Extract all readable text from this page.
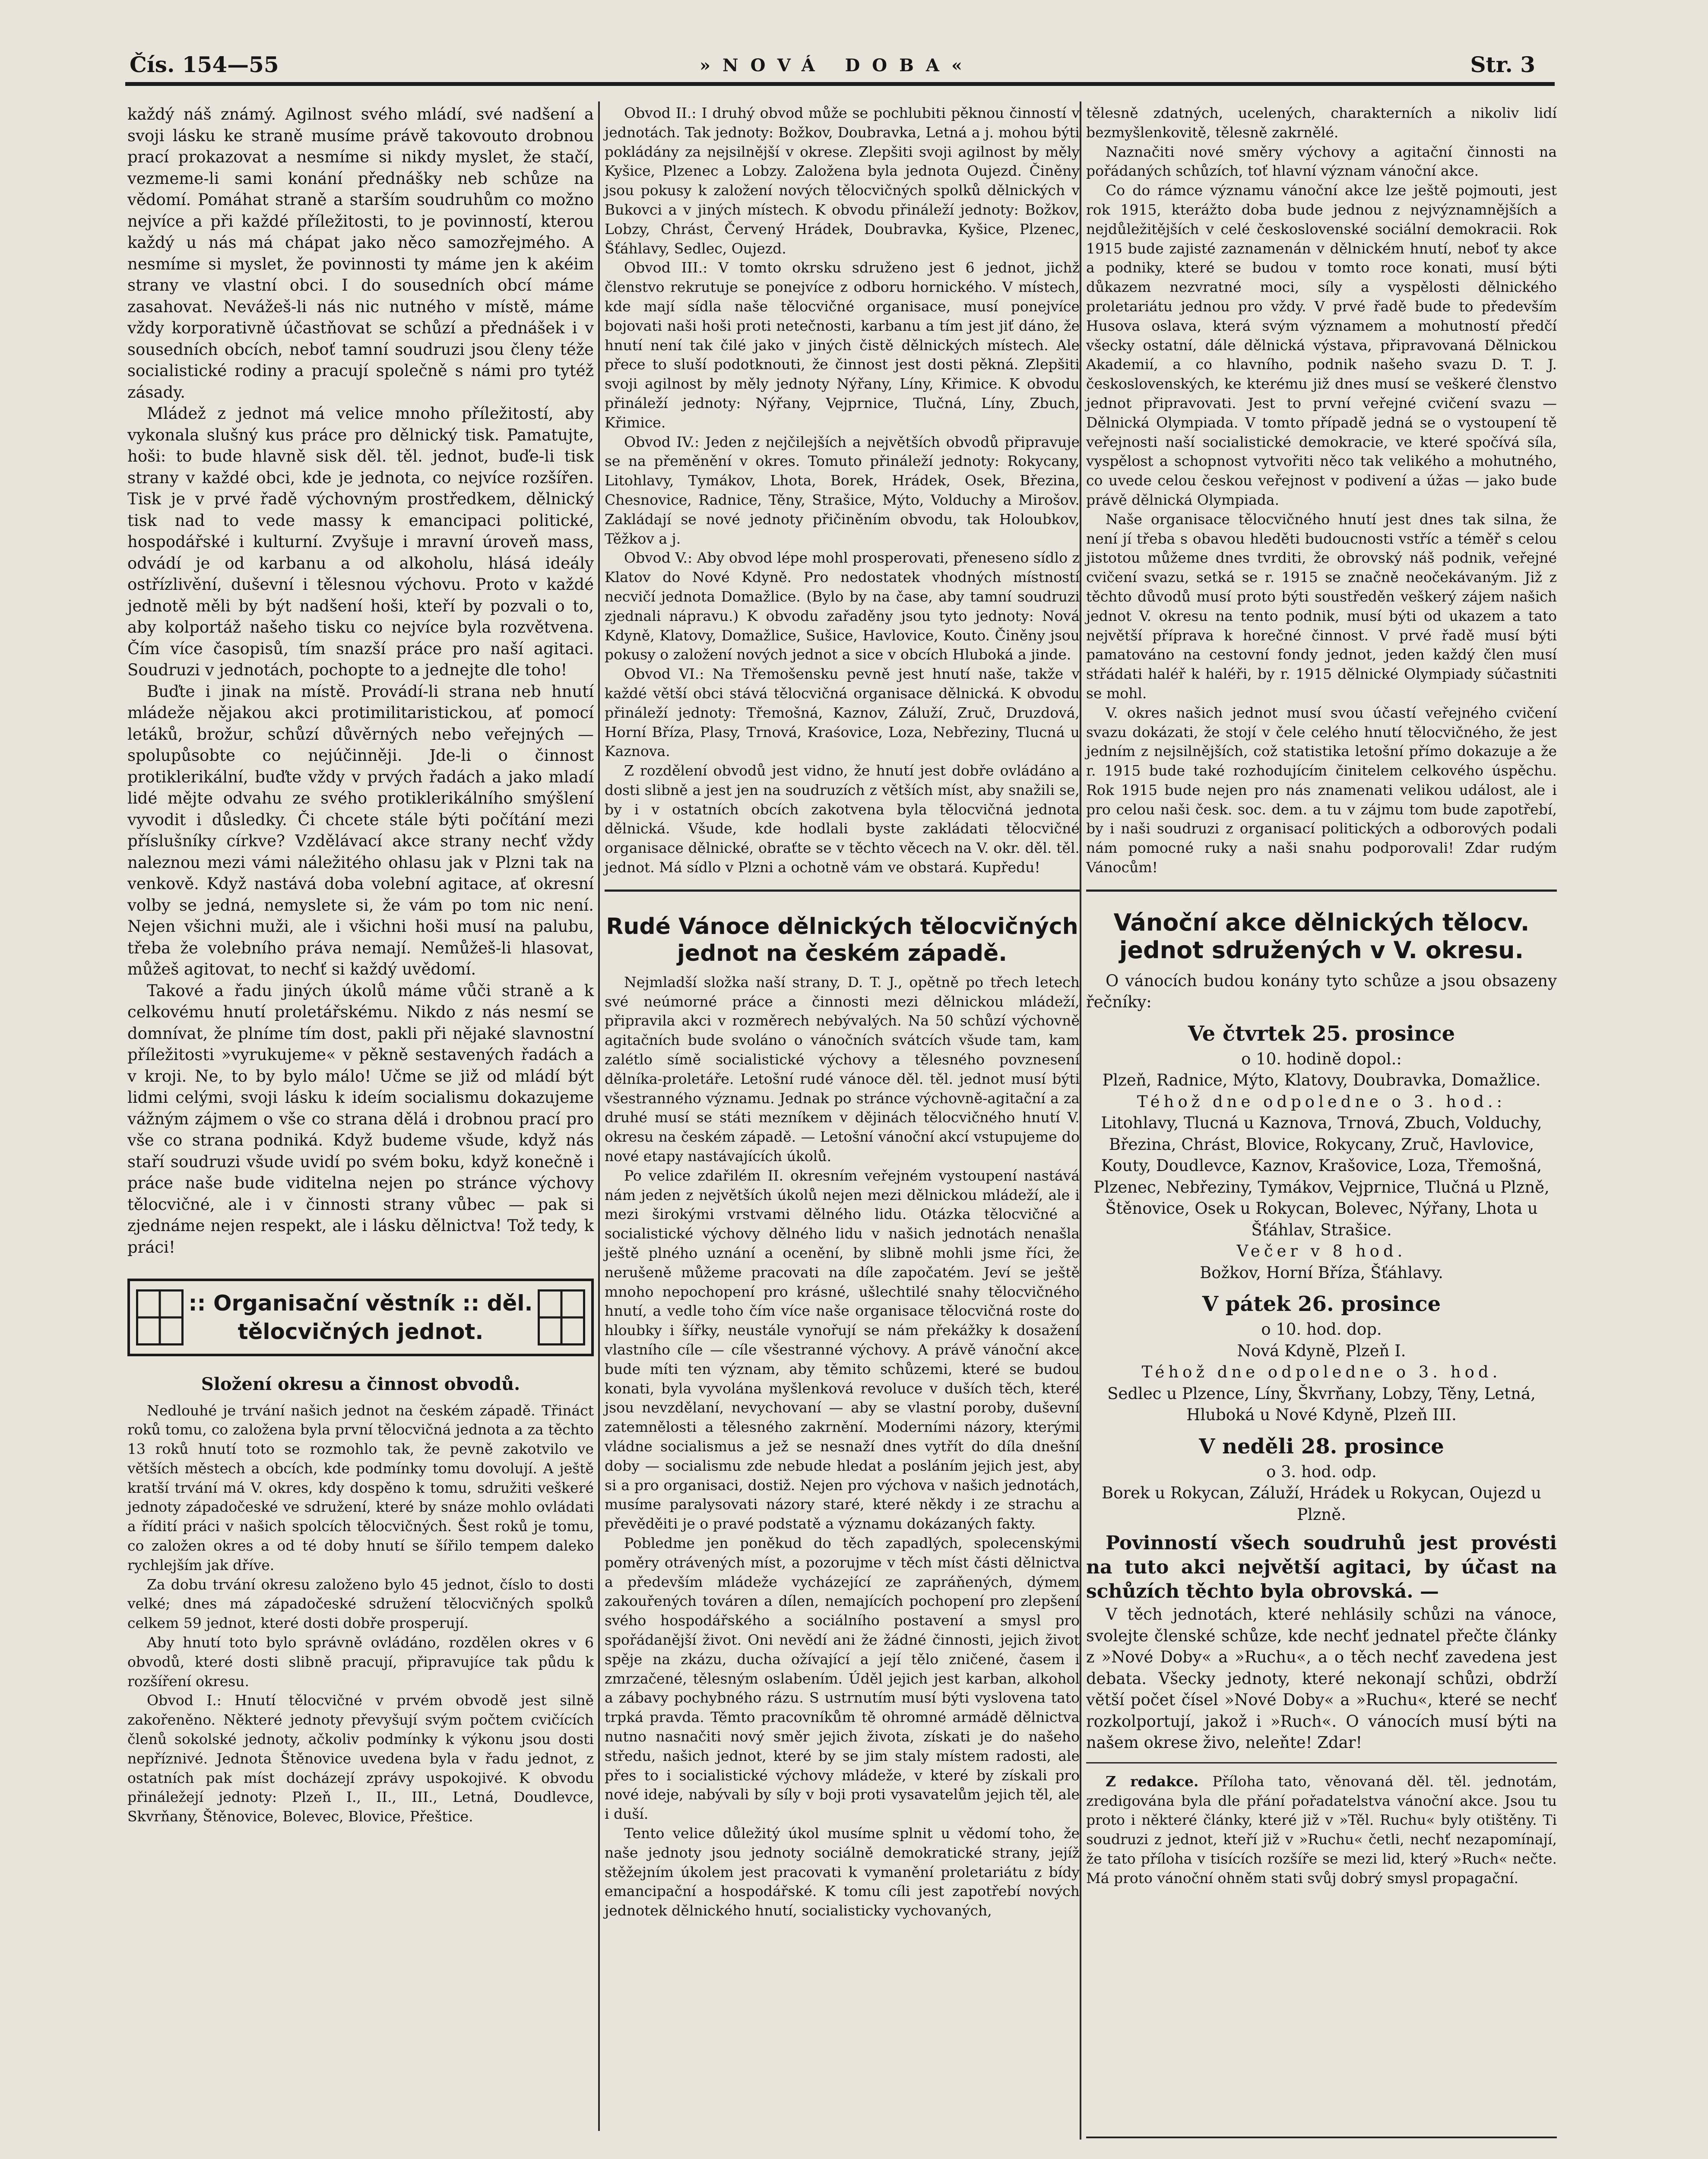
Čís. 154—55	»NOVÁ DOBA«	Str. 3

každý náš známý. Agilnost svého mládí, své nadšení a svoji lásku ke straně musíme právě takovouto drobnou prací prokazovat a nesmíme si nikdy myslet, že stačí, vezmeme-li sami konání přednášky neb schůze na vědomí. Pomáhat straně a starším soudruhům co možno nejvíce a při každé příležitosti, to je povinností, kterou každý u nás má chápat jako něco samozřejmého. A nesmíme si myslet, že povinnosti ty máme jen k akéim strany ve vlastní obci. I do sousedních obcí máme zasahovat. Nevážeš-li nás nic nutného v místě, máme vždy korporativně účastňovat se schůzí a přednášek i v sousedních obcích, neboť tamní soudruzi jsou členy téže socialistické rodiny a pracují společně s námi pro tytéž zásady.

Mládež z jednot má velice mnoho příležitostí, aby vykonala slušný kus práce pro dělnický tisk. Pamatujte, hoši: to bude hlavně sisk děl. těl. jednot, buďe-li tisk stranу v každé obci, kde je jednota, co nejvíce rozšířen. Tisk je v prvé řadě výchovným prostředkem, dělnický tisk nad to vede massy k emancipaci politické, hospodářské i kulturní. Zvyšuje i mravní úroveň mass, odvádí je od karbanu a od alkoholu, hlásá ideály ostřízlivění, duševní i tělesnou výchovu. Proto v každé jednotě měli by být nadšení hoši, kteří by pozvali o to, aby kolportáž našeho tisku co nejvíce byla rozvětvena. Čím více časopisů, tím snazší práce pro naší agitaci. Soudruzi v jednotách, pochopte to a jednejte dle toho!

Buďte i jinak na místě. Provádí-li strana neb hnutí mládeže nějakou akci protimilitaristickou, ať pomocí letáků, brožur, schůzí důvěrných nebo veřejných — spolupůsobte co nejúčinněji. Jde-li o činnost protiklerikální, buďte vždy v prvých řadách a jako mladí lidé mějte odvahu ze svého protiklerikálního smýšlení vyvodit i důsledky. Či chcete stále býti počítání mezi příslušníky církve? Vzdělávací akce strany nechť vždy naleznou mezi vámi náležitého ohlasu jak v Plzni tak na venkově. Když nastává doba volební agitace, ať okresní volby se jedná, nemyslete si, že vám po tom nic není. Nejen všichni muži, ale i všichni hoši musí na palubu, třeba že volebního práva nemají. Nemůžeš-li hlasovat, můžeš agitovat, to nechť si každý uvědomí.

Takové a řadu jiných úkolů máme vůči straně a k celkovému hnutí proletářskému. Nikdo z nás nesmí se domnívat, že plníme tím dost, pakli při nějaké slavnostní příležitosti »vyrukujeme« v pěkně sestavených řadách a v kroji. Ne, to by bylo málo! Učme se již od mládí být lidmi celými, svoji lásku k ideím socialismu dokazujeme vážným zájmem o vše co strana dělá i drobnou prací pro vše co strana podniká. Když budeme všude, když nás staří soudruzi všude uvidí po svém boku, když konečně i práce naše bude viditelna nejen po stránce výchovy tělocvičné, ale i v činnosti strany vůbec — pak si zjednáme nejen respekt, ale i lásku dělnictva! Tož tedy, k práci!

:: Organisační věstník :: děl. tělocvičných jednot.
Složení okresu a činnost obvodů.

Nedlouhé je trvání našich jednot na českém západě. Třináct roků tomu, co založena byla první tělocvičná jednota a za těchto 13 roků hnutí toto se rozmohlo tak, že pevně zakotvilo ve větších městech a obcích, kde podmínky tomu dovolují. A ještě kratší trvání má V. okres, kdy dospěno k tomu, sdružiti veškeré jednoty západočeské ve sdružení, které by snáze mohlo ovládati a řídití práci v našich spolcích tělocvičných. Šest roků je tomu, co založen okres a od té doby hnutí se šířilo tempem daleko rychlejším jak dříve.

Za dobu trvání okresu založeno bylo 45 jednot, číslo to dosti velké; dnes má západočeské sdružení tělocvičných spolků celkem 59 jednot, které dosti dobře prosperují.

Aby hnutí toto bylo správně ovládáno, rozdělen okres v 6 obvodů, které dosti slibně pracují, připravujíce tak půdu k rozšíření okresu.

Obvod I.: Hnutí tělocvičné v prvém obvodě jest silně zakořeněno. Některé jednoty převyšují svým počtem cvičících členů sokolské jednoty, ačkoliv podmínky k výkonu jsou dosti nepříznivé. Jednota Štěnovice uvedena byla v řadu jednot, z ostatních pak míst docházejí zprávy uspokojivé. K obvodu přináležejí jednoty: Plzeň I., II., III., Letná, Doudlevce, Skvrňany, Štěnovice, Bolevec, Blovice, Přeštice.

Obvod II.: I druhý obvod může se pochlubiti pěknou činností v jednotách. Tak jednoty: Božkov, Doubravka, Letná a j. mohou býti pokládány za nejsilnější v okrese. Zlepšiti svoji agilnost by měly Kyšice, Plzenec a Lobzy. Založena byla jednota Oujezd. Činěny jsou pokusy k založení nových tělocvičných spolků dělnických v Bukovci a v jiných místech. K obvodu přináleží jednoty: Božkov, Lobzy, Chrást, Červený Hrádek, Doubravka, Kyšice, Plzenec, Šťáhlavy, Sedlec, Oujezd.

Obvod III.: V tomto okrsku sdruženo jest 6 jednot, jichž členstvo rekrutuje se ponejvíce z odboru hornického. V místech, kde mají sídla naše tělocvičné organisace, musí ponejvíce bojovati naši hoši proti netečnosti, karbanu a tím jest jiť dáno, že hnutí není tak čilé jako v jiných čistě dělnických místech. Ale přece to sluší podotknouti, že činnost jest dosti pěkná. Zlepšiti svoji agilnost by měly jednoty Nýřany, Líny, Křimice. K obvodu přináleží jednoty: Nýřany, Vejprnice, Tlučná, Líny, Zbuch, Křimice.

Obvod IV.: Jeden z nejčilejších a největších obvodů připravuje se na přeměnění v okres. Tomuto přináleží jednoty: Rokycany, Litohlavy, Tymákov, Lhota, Borek, Hrádek, Osek, Březina, Chesnovice, Radnice, Těny, Strašice, Mýto, Volduchy a Mirošov. Zakládají se nové jednoty přičiněním obvodu, tak Holoubkov, Těžkov a j.

Obvod V.: Aby obvod lépe mohl prosperovati, přeneseno sídlo z Klatov do Nové Kdyně. Pro nedostatek vhodných místností necvičí jednota Domažlice. (Bylo by na čase, aby tamní soudruzi zjednali nápravu.) K obvodu zařaděny jsou tyto jednoty: Nová Kdyně, Klatovy, Domažlice, Sušice, Havlovice, Kouto. Činěny jsou pokusy o založení nových jednot a sice v obcích Hluboká a jinde.

Obvod VI.: Na Třemošensku pevně jest hnutí naše, takže v každé větší obci stává tělocvičná organisace dělnická. K obvodu přináleží jednoty: Třemošná, Kaznov, Záluží, Zruč, Druzdová, Horní Bříza, Plasy, Trnová, Kraśovice, Loza, Nebřeziny, Tlucná u Kaznova.

Z rozdělení obvodů jest vidno, že hnutí jest dobře ovládáno a dosti slibně a jest jen na soudruzích z větších míst, aby snažili se, by i v ostatních obcích zakotvena byla tělocvičná jednota dělnická. Všude, kde hodlali byste zakládati tělocvičné organisace dělnické, obraťte se v těchto věcech na V. okr. děl. těl. jednot. Má sídlo v Plzni a ochotně vám ve obstará. Kupředu!

Rudé Vánoce dělnických tělocvičných jednot na českém západě.

Nejmladší složka naší strany, D. T. J., opětně po třech letech své neúmorné práce a činnosti mezi dělnickou mládeží, připravila akci v rozměrech nebývalých. Na 50 schůzí výchovně agitačních bude svoláno o vánočních svátcích všude tam, kam zalétlo símě socialistické výchovy a tělesného povznesení dělníka-proletáře. Letošní rudé vánoce děl. těl. jednot musí býti všestranného významu. Jednak po stránce výchovně-agitační a za druhé musí se státi mezníkem v dějinách tělocvičného hnutí V. okresu na českém západě. — Letošní vánoční akcí vstupujeme do nové etapy nastávajících úkolů.

Po velice zdařilém II. okresním veřejném vystoupení nastává nám jeden z největších úkolů nejen mezi dělnickou mládeží, ale i mezi širokými vrstvami dělného lidu. Otázka tělocvičné a socialistické výchovy dělného lidu v našich jednotách nenašla ještě plného uznání a ocenění, by slibně mohli jsme říci, že nerušeně můžeme pracovati na díle započatém. Jeví se ještě mnoho nepochopení pro krásné, ušlechtilé snahy tělocvičného hnutí, a vedle toho čím více naše organisace tělocvičná roste do hloubky i šířky, neustále vynořují se nám překážky k dosažení vlastního cíle — cíle všestranné výchovy. A právě vánoční akce bude míti ten význam, aby těmito schůzemi, které se budou konati, byla vyvolána myšlenková revoluce v duších těch, které jsou nevzdělaní, nevychovaní — aby se vlastní poroby, duševní zatemnělosti a tělesného zakrnění. Moderními názory, kterými vládne socialismus a jež se nesnaží dnes vytřít do díla dnešní doby — socialismu zde nebude hledat a posláním jejich jest, aby si a pro organisaci, dostiž. Nejen pro výchova v našich jednotách, musíme paralysovati názory staré, které někdy i ze strachu a převěděiti je o pravé podstatě a významu dokázaných fakty.

Pobledme jen poněkud do těch zapadlých, spolecenskými poměry otrávených míst, a pozorujme v těch míst části dělnictva a především mládeže vycházející ze zapráňených, dýmem zakouřených továren a dílen, nemajících pochopení pro zlepšení svého hospodářského a sociálního postavení a smysl pro spořádanější život. Oni nevědí ani že žádné činnosti, jejich život spěje na zkázu, ducha ožívající a její tělo zničené, časem i zmrzačené, tělesným oslabením. Úděl jejich jest karban, alkohol a zábavy pochybného rázu. S ustrnutím musí býti vyslovena tato trpká pravda. Těmto pracovníkům tě ohromné armádě dělnictva nutno nasnačiti nový směr jejich života, získati je do našeho středu, našich jednot, které by se jim staly místem radosti, ale přes to i socialistické výchovy mládeže, v které by získali pro nové ideje, nabývali by síly v boji proti vysavatelům jejich těl, ale i duší.

Tento velice důležitý úkol musíme splnit u vědomí toho, že naše jednoty jsou jednoty sociálně demokratické strany, jejíž stěžejním úkolem jest pracovati k vymanění proletariátu z bídy emancipační a hospodářské. K tomu cíli jest zapotřebí nových jednotek dělnického hnutí, socialisticky vychovaných,

tělesně zdatných, ucelených, charakterních a nikoliv lidí bezmyšlenkovitě, tělesně zakrnělé.

Naznačiti nové směry výchovy a agitační činnosti na pořádaných schůzích, toť hlavní význam vánoční akce.

Co do rámce významu vánoční akce lze ještě pojmouti, jest rok 1915, kterážto doba bude jednou z nejvýznamnějších a nejdůležitějších v celé československé sociální demokracii. Rok 1915 bude zajisté zaznamenán v dělnickém hnutí, neboť ty akce a podniky, které se budou v tomto roce konati, musí býti důkazem nezvratné moci, síly a vyspělosti dělnického proletariátu jednou pro vždy. V prvé řadě bude to především Husova oslava, která svým významem a mohutností předčí všecky ostatní, dále dělnická výstava, připravovaná Dělnickou Akademií, a co hlavního, podnik našeho svazu D. T. J. československých, ke kterému již dnes musí se veškeré členstvo jednot připravovati. Jest to první veřejné cvičení svazu — Dělnická Olympiada. V tomto případě jedná se o vystoupení tě veřejnosti naší socialistické demokracie, ve které spočívá síla, vyspělost a schopnost vytvořiti něco tak velikého a mohutného, co uvede celou českou veřejnost v podivení a úžas — jako bude právě dělnická Olympiada.

Naše organisace tělocvičného hnutí jest dnes tak silna, že není jí třeba s obavou hleděti budoucnosti vstříc a téměř s celou jistotou můžeme dnes tvrditi, že obrovský náš podnik, veřejné cvičení svazu, setká se r. 1915 se značně neočekávaným. Již z těchto důvodů musí proto býti soustředěn veškerý zájem našich jednot V. okresu na tento podnik, musí býti od ukazem a tato největší příprava k horečné činnost. V prvé řadě musí býti pamatováno na cestovní fondy jednot, jeden každý člen musí střádati haléř k haléři, by r. 1915 dělnické Olympiady súčastniti se mohl.

V. okres našich jednot musí svou účastí veřejného cvičení svazu dokázati, že stojí v čele celého hnutí tělocvičného, že jest jedním z nejsilnějších, což statistika letošní přímo dokazuje a že r. 1915 bude také rozhodujícím činitelem celkového úspěchu. Rok 1915 bude nejen pro nás znamenati velikou událost, ale i pro celou naši česk. soc. dem. a tu v zájmu tom bude zapotřebí, by i naši soudruzi z organisací politických a odborových podali nám pomocné ruky a naši snahu podporovali! Zdar rudým Vánocům!

Vánoční akce dělnických tělocv. jednot sdružených v V. okresu.

O vánocích budou konány tyto schůze a jsou obsazeny řečníky:

Ve čtvrtek 25. prosince

o 10. hodině dopol.:

Plzeň, Radnice, Mýto, Klatovy, Doubravka, Domažlice.

Téhož dne odpoledne o 3. hod.:

Litohlavy, Tlucná u Kaznova, Trnová, Zbuch, Volduchy, Březina, Chrást, Blovice, Rokycany, Zruč, Havlovice, Kouty, Doudlevce, Kaznov, Krašovice, Loza, Třemošná, Plzenec, Nebřeziny, Tymákov, Vejprnice, Tlučná u Plzně, Štěnovice, Osek u Rokycan, Bolevec, Nýřany, Lhota u Šťáhlav, Strašice.

Večer v 8 hod.

Božkov, Horní Bříza, Šťáhlavy.

V pátek 26. prosince

o 10. hod. dop.

Nová Kdyně, Plzeň I.

Téhož dne odpoledne o 3. hod.

Sedlec u Plzence, Líny, Škvrňany, Lobzy, Těny, Letná, Hluboká u Nové Kdyně, Plzeň III.

V neděli 28. prosince

o 3. hod. odp.

Borek u Rokycan, Záluží, Hrádek u Rokycan, Oujezd u Plzně.

Povinností všech soudruhů jest provésti na tuto akci největší agitaci, by účast na schůzích těchto byla obrovská. —

V těch jednotách, které nehlásily schůzi na vánoce, svolejte členské schůze, kde nechť jednatel přečte články z »Nové Doby« a »Ruchu«, a o těch nechť zavedena jest debata. Všecky jednoty, které nekonají schůzi, obdrží větší počet čísel »Nové Doby« a »Ruchu«, které se nechť rozkolportují, jakož i »Ruch«. O vánocích musí býti na našem okrese živo, neleňte! Zdar!

Z redakce. Příloha tato, věnovaná děl. těl. jednotám, zredigována byla dle přání pořadatelstva vánoční akce. Jsou tu proto i některé články, které již v »Těl. Ruchu« byly otištěny. Ti soudruzi z jednot, kteří již v »Ruchu« četli, nechť nezapomínají, že tato příloha v tisících rozšíře se mezi lid, který »Ruch« nečte. Má proto vánoční ohněm stati svůj dobrý smysl propagační.
